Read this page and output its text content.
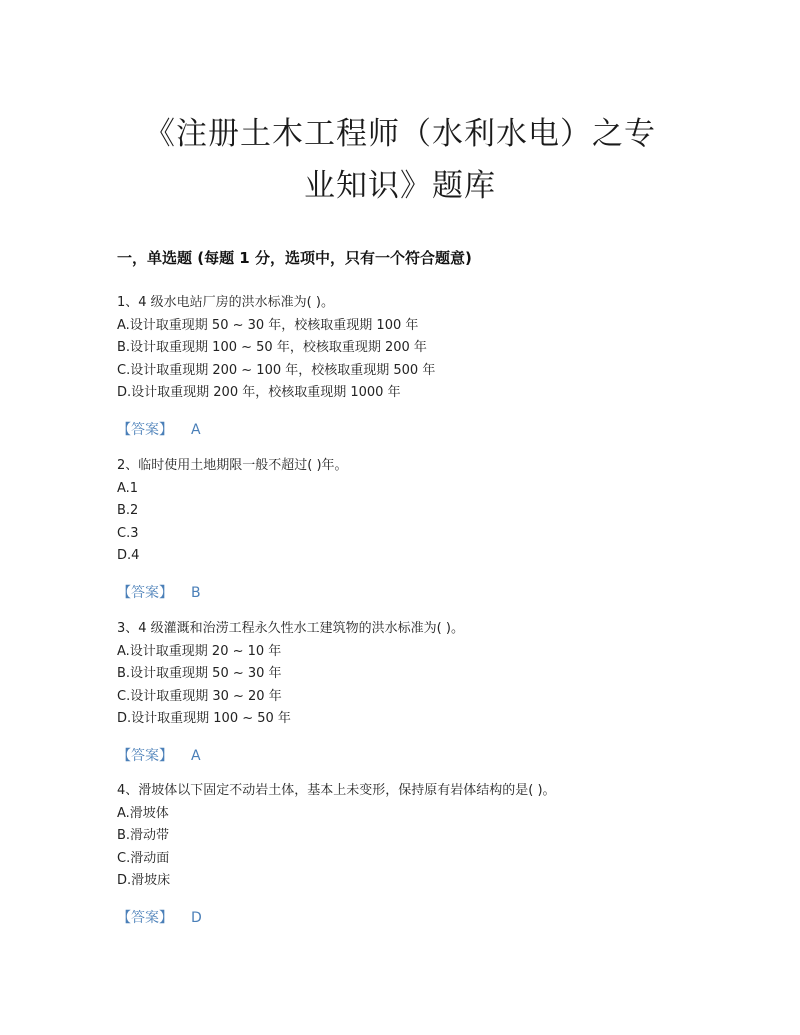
《注册土木工程师（水利水电）之专
业知识》题库
一，单选题 (每题 1 分，选项中，只有一个符合题意)
1、4 级水电站厂房的洪水标准为( )。
A.设计取重现期 50 ~ 30 年，校核取重现期 100 年
B.设计取重现期 100 ~ 50 年，校核取重现期 200 年
C.设计取重现期 200 ~ 100 年，校核取重现期 500 年
D.设计取重现期 200 年，校核取重现期 1000 年
【答案】 A
2、临时使用土地期限一般不超过( )年。
A.1
B.2
C.3
D.4
【答案】 B
3、4 级灌溉和治涝工程永久性水工建筑物的洪水标准为( )。
A.设计取重现期 20 ~ 10 年
B.设计取重现期 50 ~ 30 年
C.设计取重现期 30 ~ 20 年
D.设计取重现期 100 ~ 50 年
【答案】 A
4、滑坡体以下固定不动岩土体，基本上未变形，保持原有岩体结构的是( )。
A.滑坡体
B.滑动带
C.滑动面
D.滑坡床
【答案】 D
